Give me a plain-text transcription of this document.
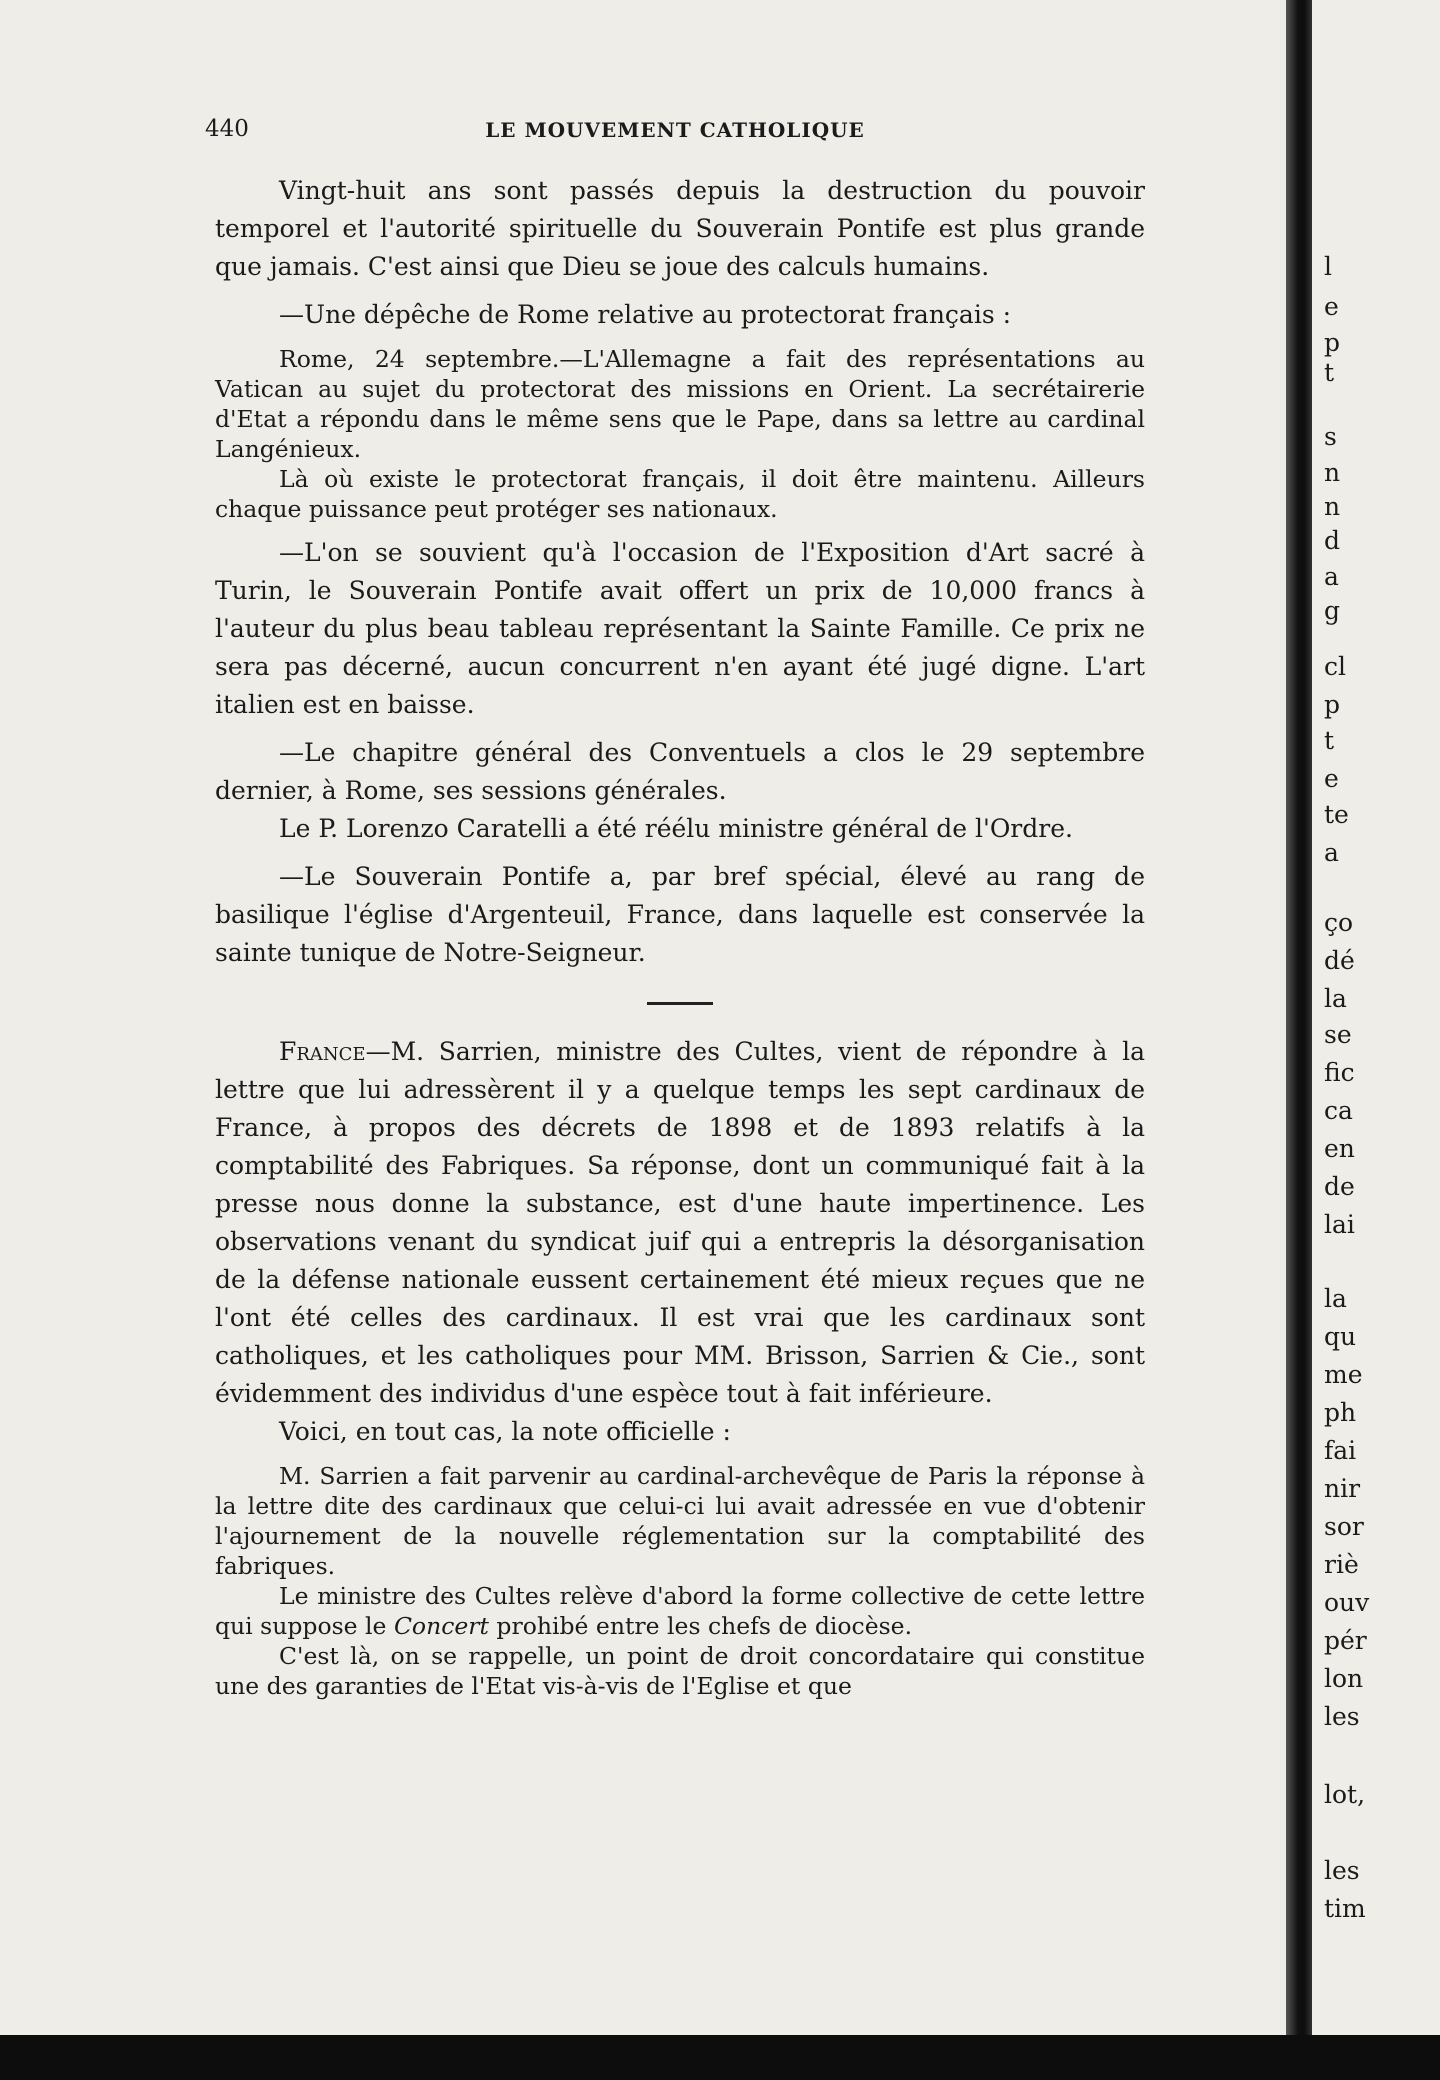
440	LE MOUVEMENT CATHOLIQUE

Vingt-huit ans sont passés depuis la destruction du pouvoir temporel et l'autorité spirituelle du Souverain Pontife est plus grande que jamais. C'est ainsi que Dieu se joue des calculs humains.

—Une dépêche de Rome relative au protectorat français :

Rome, 24 septembre.—L'Allemagne a fait des représentations au Vatican au sujet du protectorat des missions en Orient. La secrétairerie d'Etat a répondu dans le même sens que le Pape, dans sa lettre au cardinal Langénieux.

Là où existe le protectorat français, il doit être maintenu. Ailleurs chaque puissance peut protéger ses nationaux.

—L'on se souvient qu'à l'occasion de l'Exposition d'Art sacré à Turin, le Souverain Pontife avait offert un prix de 10,000 francs à l'auteur du plus beau tableau représentant la Sainte Famille. Ce prix ne sera pas décerné, aucun concurrent n'en ayant été jugé digne. L'art italien est en baisse.

—Le chapitre général des Conventuels a clos le 29 septembre dernier, à Rome, ses sessions générales.

Le P. Lorenzo Caratelli a été réélu ministre général de l'Ordre.

—Le Souverain Pontife a, par bref spécial, élevé au rang de basilique l'église d'Argenteuil, France, dans laquelle est conservée la sainte tunique de Notre-Seigneur.

France—M. Sarrien, ministre des Cultes, vient de répondre à la lettre que lui adressèrent il y a quelque temps les sept cardinaux de France, à propos des décrets de 1898 et de 1893 relatifs à la comptabilité des Fabriques. Sa réponse, dont un communiqué fait à la presse nous donne la substance, est d'une haute impertinence. Les observations venant du syndicat juif qui a entrepris la désorganisation de la défense nationale eussent certainement été mieux reçues que ne l'ont été celles des cardinaux. Il est vrai que les cardinaux sont catholiques, et les catholiques pour MM. Brisson, Sarrien & Cie., sont évidemment des individus d'une espèce tout à fait inférieure.

Voici, en tout cas, la note officielle :

M. Sarrien a fait parvenir au cardinal-archevêque de Paris la réponse à la lettre dite des cardinaux que celui-ci lui avait adressée en vue d'obtenir l'ajournement de la nouvelle réglementation sur la comptabilité des fabriques.

Le ministre des Cultes relève d'abord la forme collective de cette lettre qui suppose le Concert prohibé entre les chefs de diocèse.

C'est là, on se rappelle, un point de droit concordataire qui constitue une des garanties de l'Etat vis-à-vis de l'Eglise et que

l
e
p
t
s
n
n
d
a
g
cl
p
t
e
te
a
ço
dé
la
se
fic
ca
en
de
lai
la
qu
me
ph
fai
nir
sor
riè
ouv
pér
lon
les
lot,
les
tim
